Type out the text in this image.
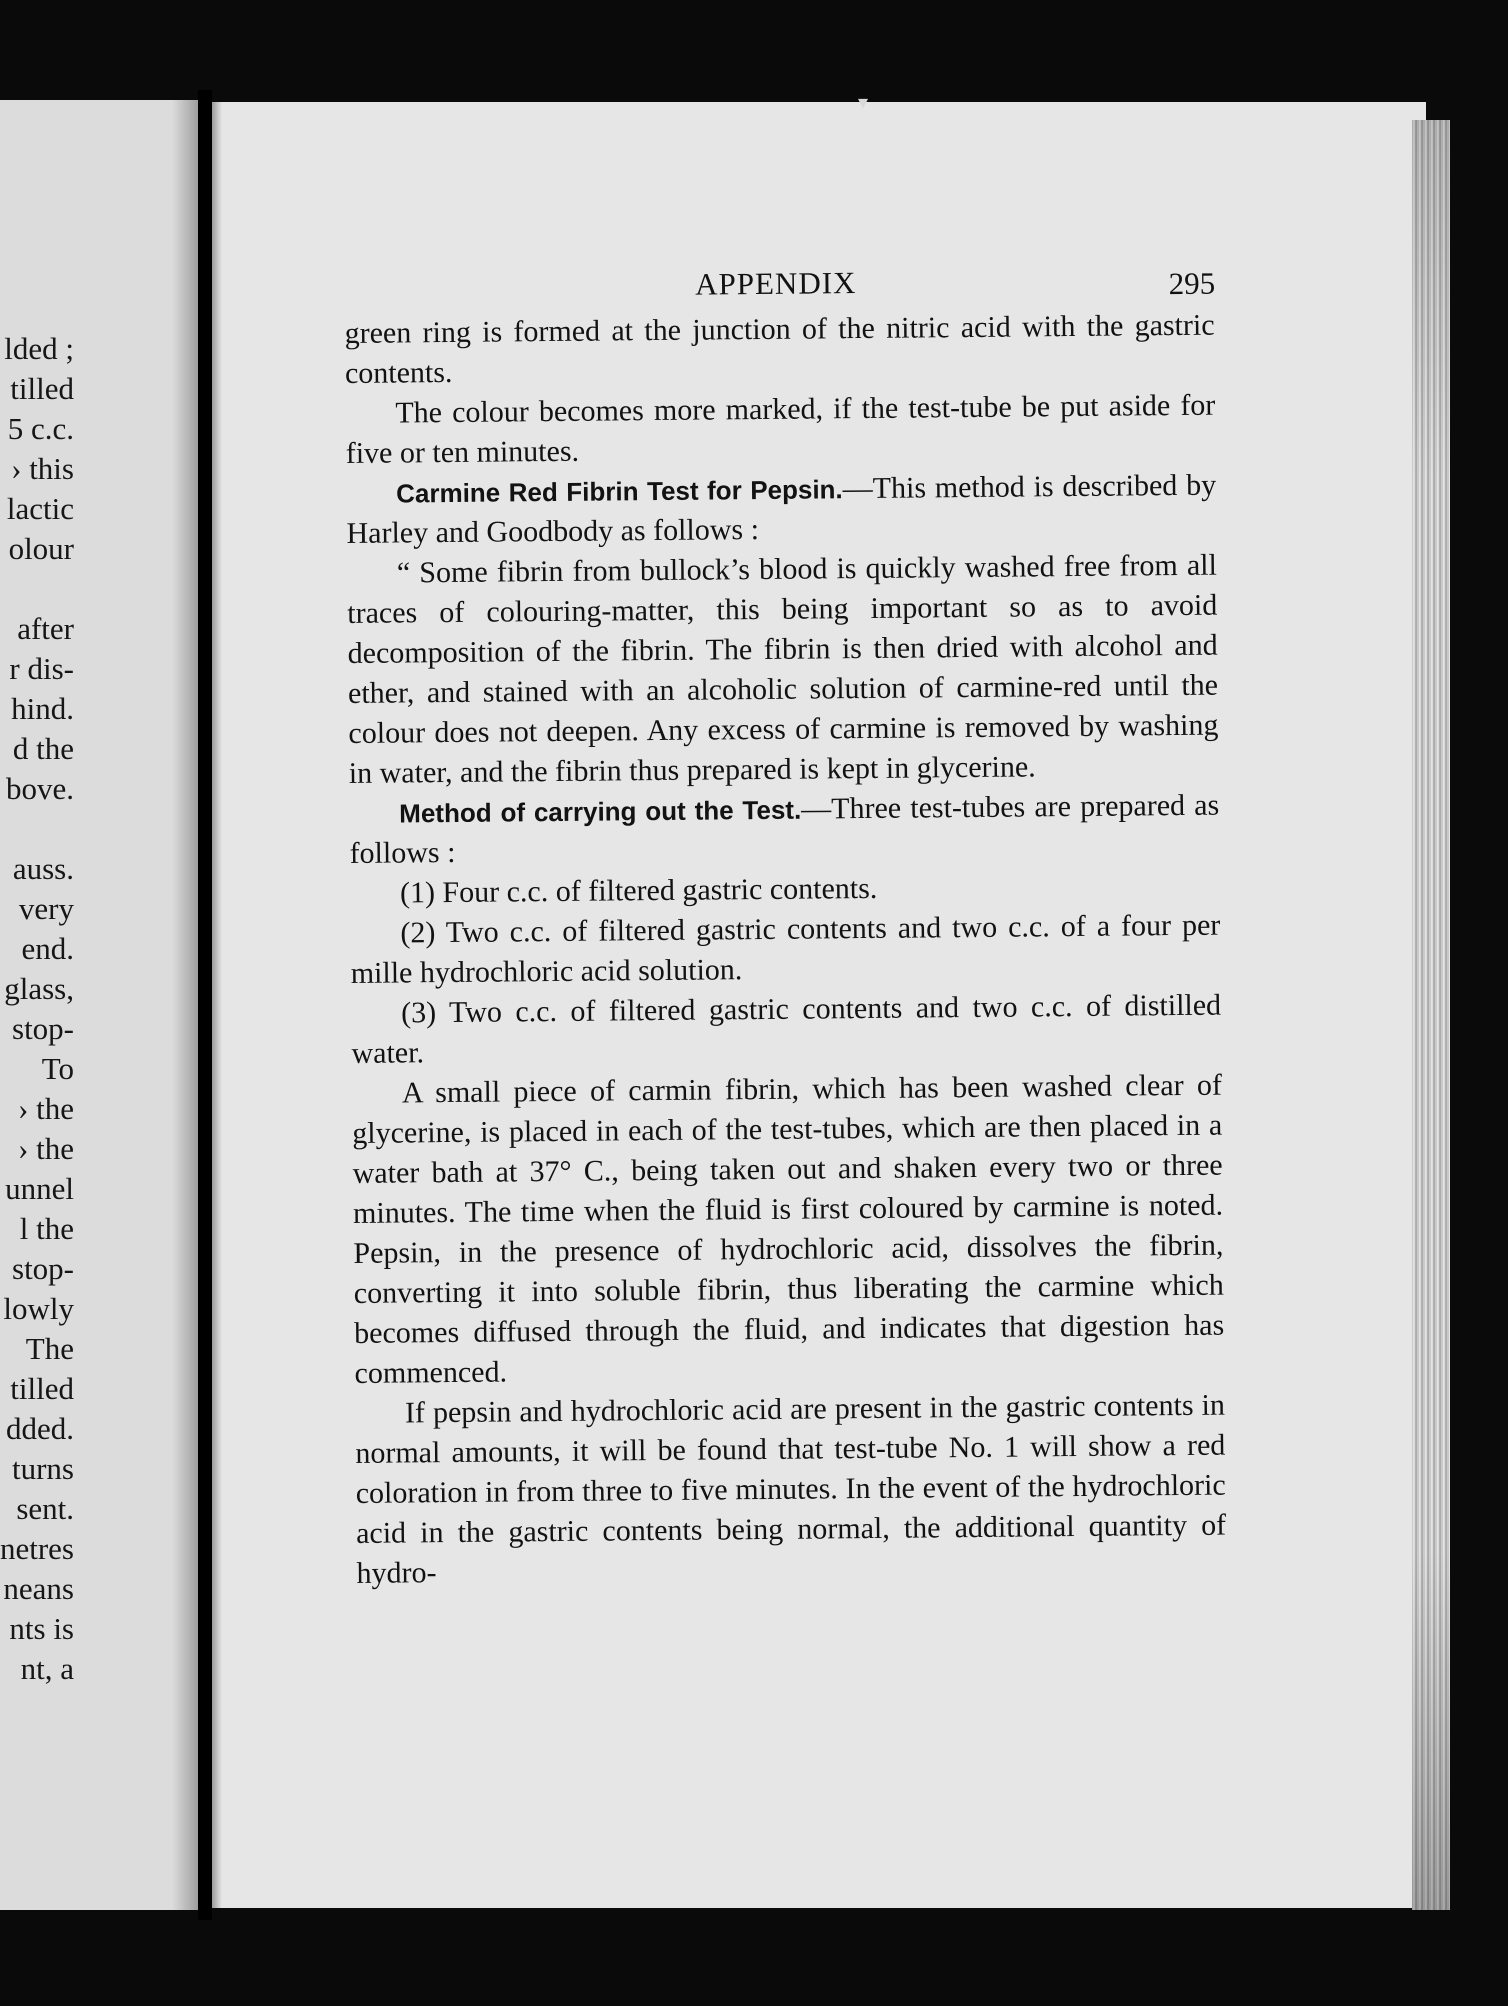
lded ;
tilled
5 c.c.
› this
lactic
olour
after
r dis-
hind.
d the
bove.
auss.
very
end.
glass,
stop-
To
› the
› the
unnel
l the
stop-
lowly
The
tilled
dded.
turns
sent.
netres
neans
nts is
nt, a
APPENDIX	295

green ring is formed at the junction of the nitric acid with the gastric contents.

The colour becomes more marked, if the test-tube be put aside for five or ten minutes.

Carmine Red Fibrin Test for Pepsin.—This method is described by Harley and Goodbody as follows :

“ Some fibrin from bullock’s blood is quickly washed free from all traces of colouring-matter, this being important so as to avoid decomposition of the fibrin. The fibrin is then dried with alcohol and ether, and stained with an alcoholic solution of carmine-red until the colour does not deepen. Any excess of carmine is removed by washing in water, and the fibrin thus prepared is kept in glycerine.

Method of carrying out the Test.—Three test-tubes are prepared as follows :

(1) Four c.c. of filtered gastric contents.

(2) Two c.c. of filtered gastric contents and two c.c. of a four per mille hydrochloric acid solution.

(3) Two c.c. of filtered gastric contents and two c.c. of distilled water.

A small piece of carmin fibrin, which has been washed clear of glycerine, is placed in each of the test-tubes, which are then placed in a water bath at 37° C., being taken out and shaken every two or three minutes. The time when the fluid is first coloured by carmine is noted. Pepsin, in the presence of hydrochloric acid, dissolves the fibrin, converting it into soluble fibrin, thus liberating the carmine which becomes diffused through the fluid, and indicates that digestion has commenced.

If pepsin and hydrochloric acid are present in the gastric contents in normal amounts, it will be found that test-tube No. 1 will show a red coloration in from three to five minutes. In the event of the hydrochloric acid in the gastric contents being normal, the additional quantity of hydro-

▾
